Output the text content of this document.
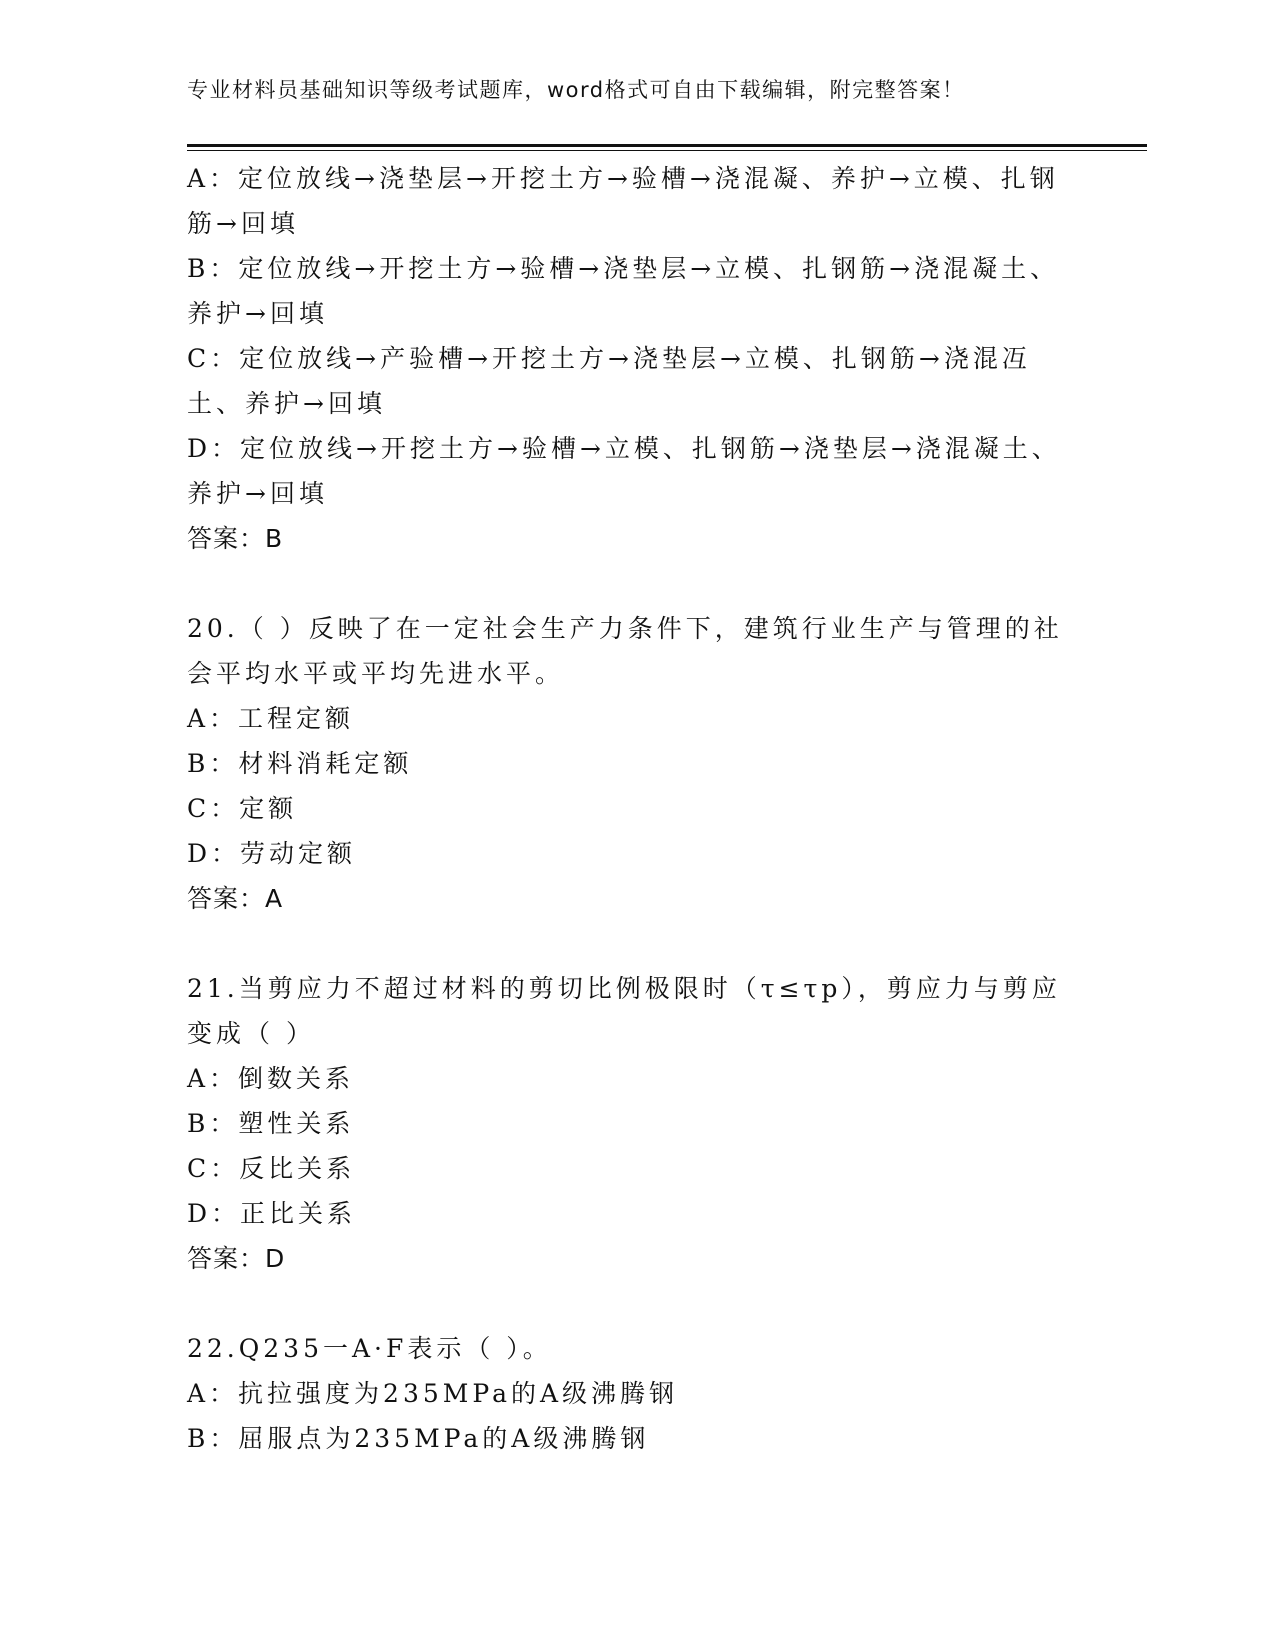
专业材料员基础知识等级考试题库，word格式可自由下载编辑，附完整答案！

A：定位放线→浇垫层→开挖土方→验槽→浇混凝、养护→立模、扎钢筋→回填

B：定位放线→开挖土方→验槽→浇垫层→立模、扎钢筋→浇混凝土、养护→回填

C：定位放线→产验槽→开挖土方→浇垫层→立模、扎钢筋→浇混冱土、养护→回填

D：定位放线→开挖土方→验槽→立模、扎钢筋→浇垫层→浇混凝土、养护→回填

答案：B

20.（ ）反映了在一定社会生产力条件下，建筑行业生产与管理的社会平均水平或平均先进水平。

A：工程定额

B：材料消耗定额

C：定额

D：劳动定额

答案：A

21.当剪应力不超过材料的剪切比例极限时（τ≤τp），剪应力与剪应变成（ ）

A：倒数关系

B：塑性关系

C：反比关系

D：正比关系

答案：D

22.Q235一A·F表示（ ）。

A：抗拉强度为235MPa的A级沸腾钢

B：屈服点为235MPa的A级沸腾钢
